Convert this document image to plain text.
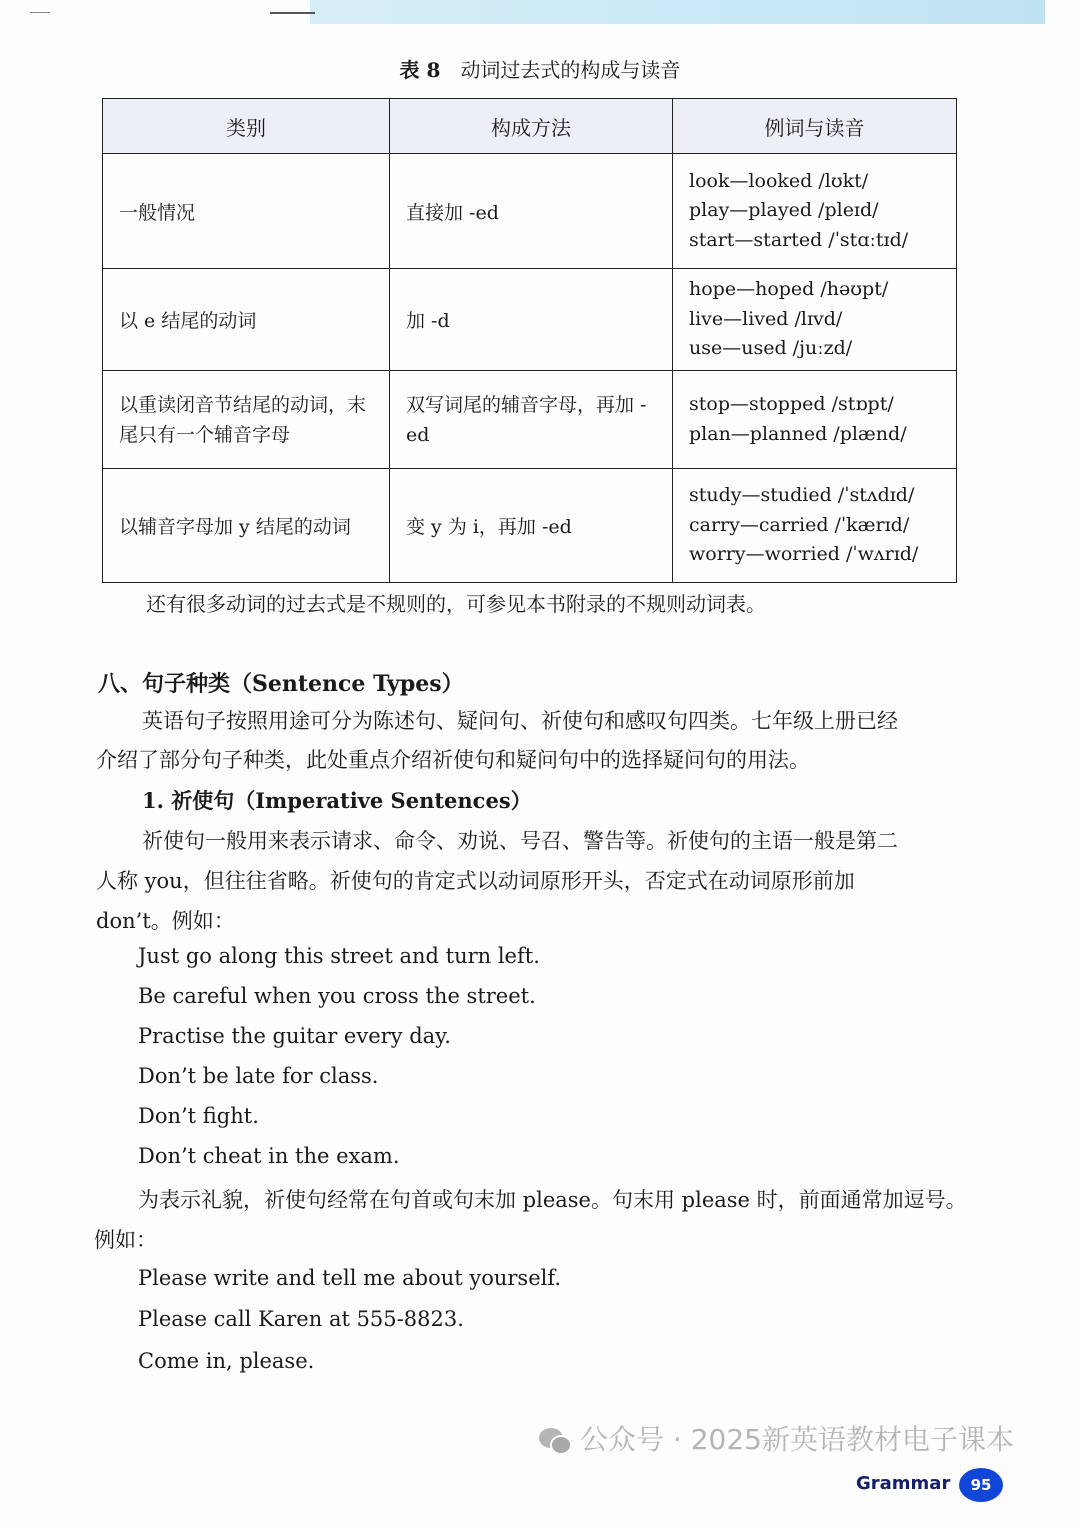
表 8 动词过去式的构成与读音
类别	构成方法	例词与读音
一般情况	直接加 -ed	look—looked /lʊkt/
play—played /pleɪd/
start—started /ˈstɑːtɪd/

以 e 结尾的动词	加 -d	hope—hoped /həʊpt/
live—lived /lɪvd/
use—used /juːzd/

以重读闭音节结尾的动词，末尾只有一个辅音字母	双写词尾的辅音字母，再加 -ed	stop—stopped /stɒpt/
plan—planned /plænd/

以辅音字母加 y 结尾的动词	变 y 为 i，再加 -ed	study—studied /ˈstʌdɪd/
carry—carried /ˈkærɪd/
worry—worried /ˈwʌrɪd/
还有很多动词的过去式是不规则的，可参见本书附录的不规则动词表。
八、句子种类（Sentence Types）
英语句子按照用途可分为陈述句、疑问句、祈使句和感叹句四类。七年级上册已经
介绍了部分句子种类，此处重点介绍祈使句和疑问句中的选择疑问句的用法。
1. 祈使句（Imperative Sentences）
祈使句一般用来表示请求、命令、劝说、号召、警告等。祈使句的主语一般是第二
人称 you，但往往省略。祈使句的肯定式以动词原形开头，否定式在动词原形前加
don’t。例如：
Just go along this street and turn left.
Be careful when you cross the street.
Practise the guitar every day.
Don’t be late for class.
Don’t fight.
Don’t cheat in the exam.
为表示礼貌，祈使句经常在句首或句末加 please。句末用 please 时，前面通常加逗号。
例如：
Please write and tell me about yourself.
Please call Karen at 555-8823.
Come in, please.
公众号 · 2025新英语教材电子课本
Grammar	95
